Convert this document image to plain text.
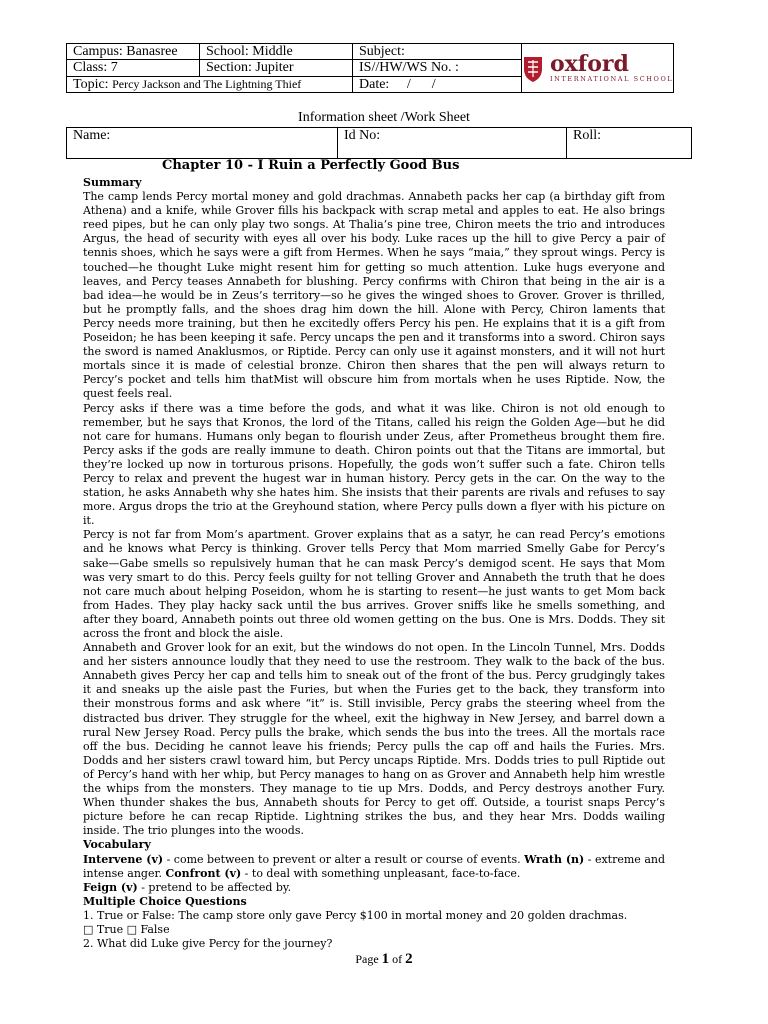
Campus: Banasree	School: Middle	Subject:	oxford
INTERNATIONAL SCHOOL

Class: 7	Section: Jupiter	IS//HW/WS No. :	
Topic: Percy Jackson and The Lightning Thief		Date:     /      /	
Information sheet /Work Sheet
Name:	Id No:	Roll:
Chapter 10 - I Ruin a Perfectly Good Bus

Summary

The camp lends Percy mortal money and gold drachmas. Annabeth packs her cap (a birthday gift from Athena) and a knife, while Grover fills his backpack with scrap metal and apples to eat. He also brings reed pipes, but he can only play two songs. At Thalia’s pine tree, Chiron meets the trio and introduces Argus, the head of security with eyes all over his body. Luke races up the hill to give Percy a pair of tennis shoes, which he says were a gift from Hermes. When he says “maia,” they sprout wings. Percy is touched—he thought Luke might resent him for getting so much attention. Luke hugs everyone and leaves, and Percy teases Annabeth for blushing. Percy confirms with Chiron that being in the air is a bad idea—he would be in Zeus’s territory—so he gives the winged shoes to Grover. Grover is thrilled, but he promptly falls, and the shoes drag him down the hill. Alone with Percy, Chiron laments that Percy needs more training, but then he excitedly offers Percy his pen. He explains that it is a gift from Poseidon; he has been keeping it safe. Percy uncaps the pen and it transforms into a sword. Chiron says the sword is named Anaklusmos, or Riptide. Percy can only use it against monsters, and it will not hurt mortals since it is made of celestial bronze. Chiron then shares that the pen will always return to Percy’s pocket and tells him thatMist will obscure him from mortals when he uses Riptide. Now, the quest feels real.

Percy asks if there was a time before the gods, and what it was like. Chiron is not old enough to remember, but he says that Kronos, the lord of the Titans, called his reign the Golden Age—but he did not care for humans. Humans only began to flourish under Zeus, after Prometheus brought them fire. Percy asks if the gods are really immune to death. Chiron points out that the Titans are immortal, but they’re locked up now in torturous prisons. Hopefully, the gods won’t suffer such a fate. Chiron tells Percy to relax and prevent the hugest war in human history. Percy gets in the car. On the way to the station, he asks Annabeth why she hates him. She insists that their parents are rivals and refuses to say more. Argus drops the trio at the Greyhound station, where Percy pulls down a flyer with his picture on it.

Percy is not far from Mom’s apartment. Grover explains that as a satyr, he can read Percy’s emotions and he knows what Percy is thinking. Grover tells Percy that Mom married Smelly Gabe for Percy’s sake—Gabe smells so repulsively human that he can mask Percy’s demigod scent. He says that Mom was very smart to do this. Percy feels guilty for not telling Grover and Annabeth the truth that he does not care much about helping Poseidon, whom he is starting to resent—he just wants to get Mom back from Hades. They play hacky sack until the bus arrives. Grover sniffs like he smells something, and after they board, Annabeth points out three old women getting on the bus. One is Mrs. Dodds. They sit across the front and block the aisle.

Annabeth and Grover look for an exit, but the windows do not open. In the Lincoln Tunnel, Mrs. Dodds and her sisters announce loudly that they need to use the restroom. They walk to the back of the bus. Annabeth gives Percy her cap and tells him to sneak out of the front of the bus. Percy grudgingly takes it and sneaks up the aisle past the Furies, but when the Furies get to the back, they transform into their monstrous forms and ask where “it” is. Still invisible, Percy grabs the steering wheel from the distracted bus driver. They struggle for the wheel, exit the highway in New Jersey, and barrel down a rural New Jersey Road. Percy pulls the brake, which sends the bus into the trees. All the mortals race off the bus. Deciding he cannot leave his friends; Percy pulls the cap off and hails the Furies. Mrs. Dodds and her sisters crawl toward him, but Percy uncaps Riptide. Mrs. Dodds tries to pull Riptide out of Percy’s hand with her whip, but Percy manages to hang on as Grover and Annabeth help him wrestle the whips from the monsters. They manage to tie up Mrs. Dodds, and Percy destroys another Fury. When thunder shakes the bus, Annabeth shouts for Percy to get off. Outside, a tourist snaps Percy’s picture before he can recap Riptide. Lightning strikes the bus, and they hear Mrs. Dodds wailing inside. The trio plunges into the woods.

Vocabulary

Intervene (v) - come between to prevent or alter a result or course of events. Wrath (n) - extreme and intense anger. Confront (v) - to deal with something unpleasant, face-to-face.

Feign (v) - pretend to be affected by.

Multiple Choice Questions

1. True or False: The camp store only gave Percy $100 in mortal money and 20 golden drachmas.

□ True □ False

2. What did Luke give Percy for the journey?

Page 1 of 2
